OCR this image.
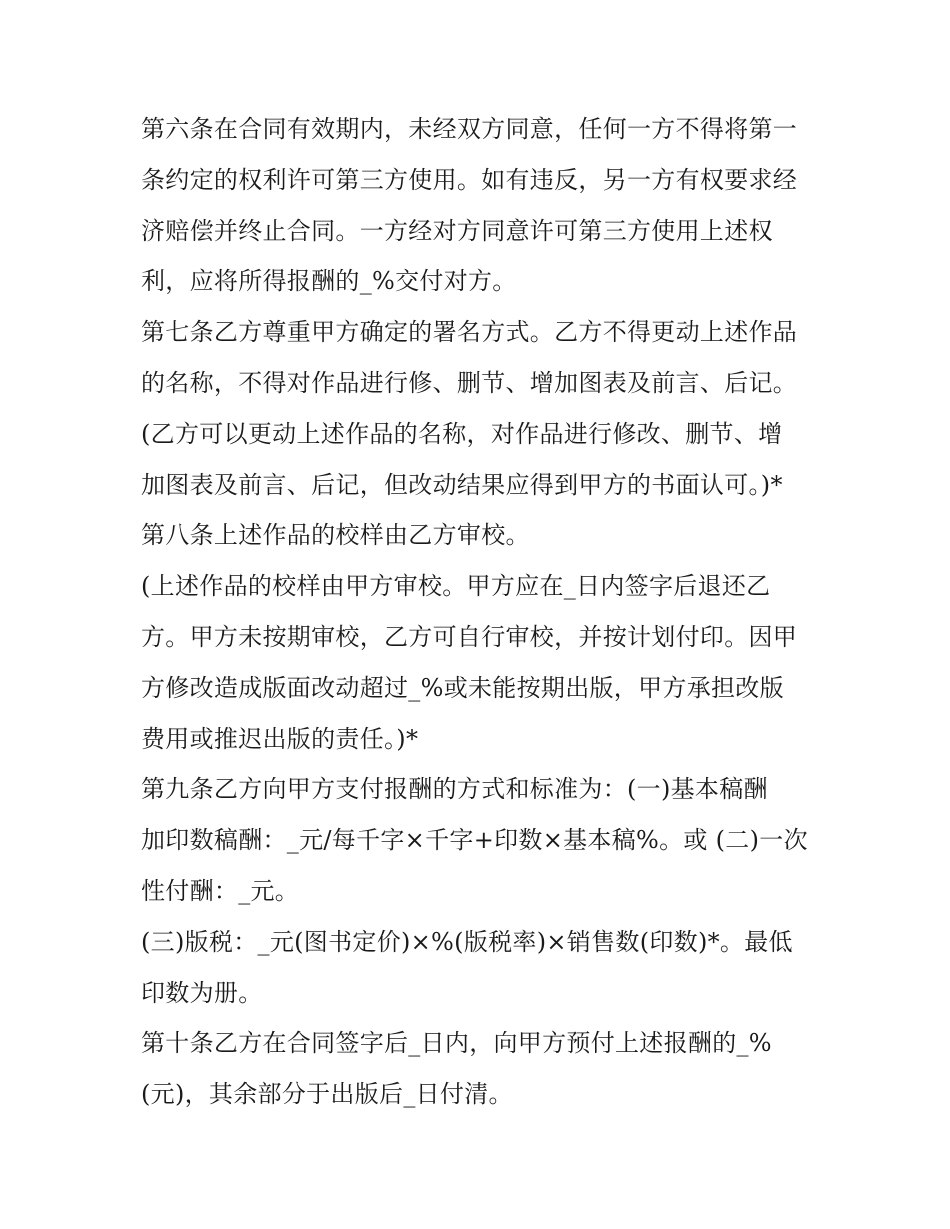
第六条在合同有效期内，未经双方同意，任何一方不得将第一
条约定的权利许可第三方使用。如有违反，另一方有权要求经
济赔偿并终止合同。一方经对方同意许可第三方使用上述权
利，应将所得报酬的_%交付对方。
第七条乙方尊重甲方确定的署名方式。乙方不得更动上述作品
的名称，不得对作品进行修、删节、增加图表及前言、后记。
(乙方可以更动上述作品的名称，对作品进行修改、删节、增
加图表及前言、后记，但改动结果应得到甲方的书面认可。)*
第八条上述作品的校样由乙方审校。
(上述作品的校样由甲方审校。甲方应在_日内签字后退还乙
方。甲方未按期审校，乙方可自行审校，并按计划付印。因甲
方修改造成版面改动超过_%或未能按期出版，甲方承担改版
费用或推迟出版的责任。)*
第九条乙方向甲方支付报酬的方式和标准为：(一)基本稿酬
加印数稿酬：_元/每千字×千字+印数×基本稿%。或 (二)一次
性付酬：_元。
(三)版税：_元(图书定价)×%(版税率)×销售数(印数)*。最低
印数为册。
第十条乙方在合同签字后_日内，向甲方预付上述报酬的_%
(元)，其余部分于出版后_日付清。
